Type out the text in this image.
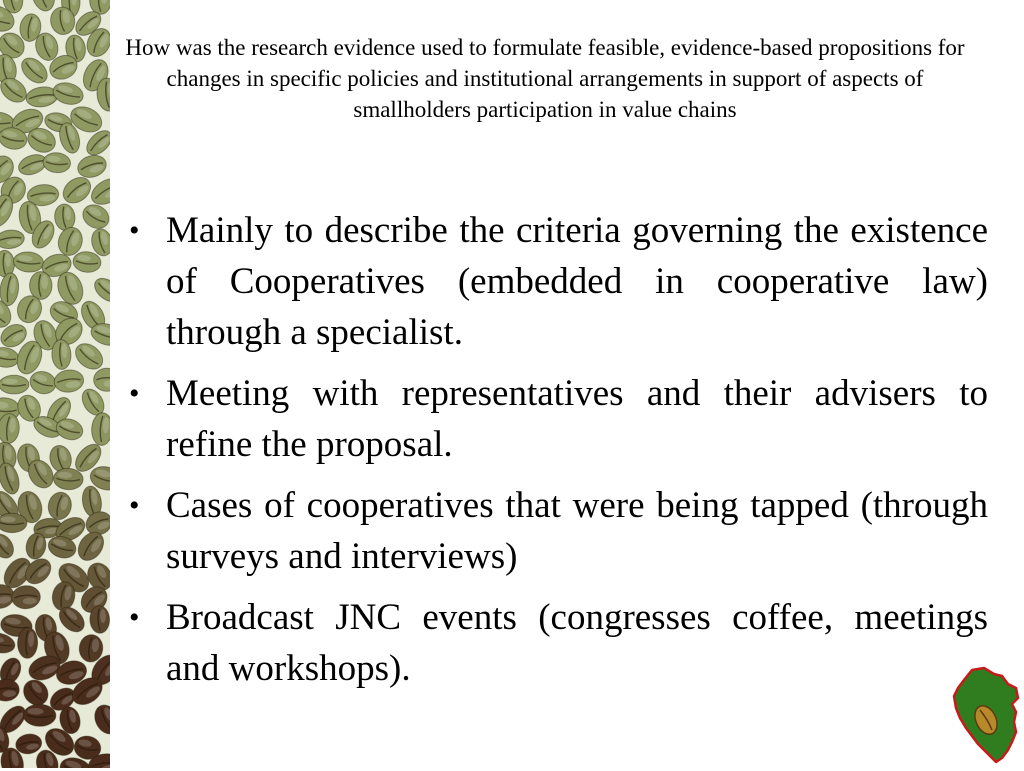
How was the research evidence used to formulate feasible, evidence-based propositions for changes in specific policies and institutional arrangements in support of aspects of smallholders participation in value chains
• Mainly to describe the criteria governing the existence of Cooperatives (embedded in cooperative law) through a specialist.
• Meeting with representatives and their advisers to refine the proposal.
• Cases of cooperatives that were being tapped (through surveys and interviews)
• Broadcast JNC events (congresses coffee, meetings and workshops).
